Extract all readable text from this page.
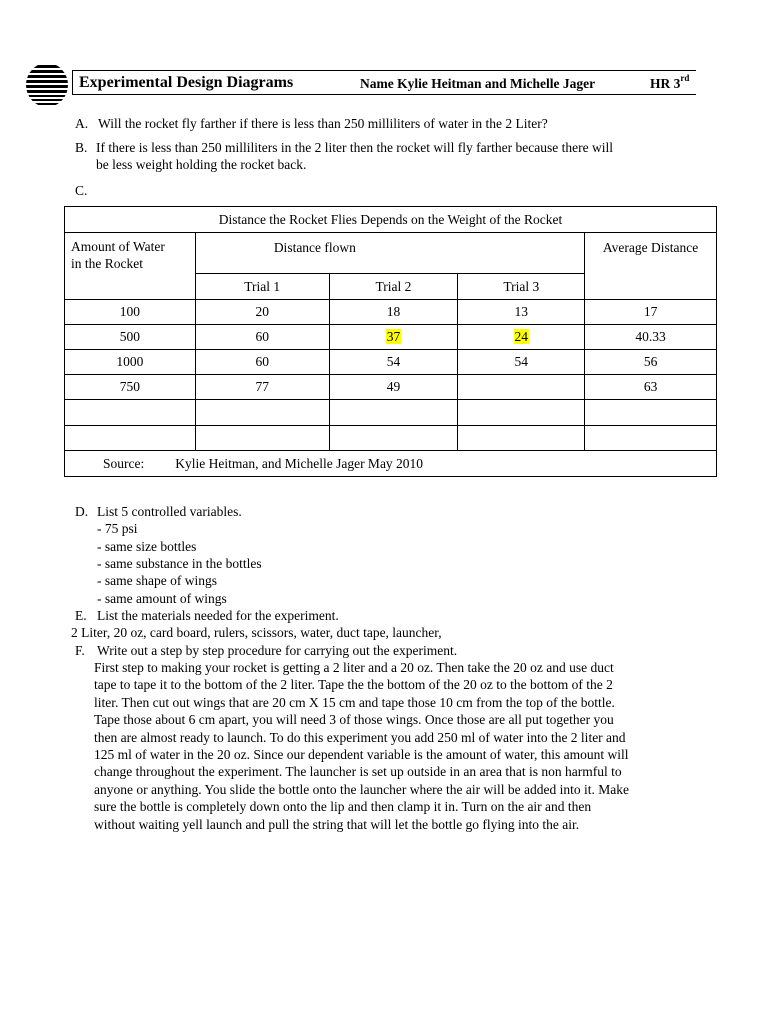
Experimental Design Diagrams	Name Kylie Heitman and Michelle Jager	HR 3rd
A. Will the rocket fly farther if there is less than 250 milliliters of water in the 2 Liter?
B. If there is less than 250 milliliters in the 2 liter then the rocket will fly farther because there will
be less weight holding the rocket back.
C.
Distance the Rocket Flies Depends on the Weight of the Rocket				

Amount of Water
in the Rocket	Distance flown			Average Distance
	Trial 1	Trial 2	Trial 3	
100	20	18	13	17
500	60	37	24	40.33
1000	60	54	54	56
750	77	49		63

Source: Kylie Heitman, and Michelle Jager May 2010				
D. List 5 controlled variables.
- 75 psi
- same size bottles
- same substance in the bottles
- same shape of wings
- same amount of wings
E. List the materials needed for the experiment.
2 Liter, 20 oz, card board, rulers, scissors, water, duct tape, launcher,
F. Write out a step by step procedure for carrying out the experiment.
First step to making your rocket is getting a 2 liter and a 20 oz. Then take the 20 oz and use duct
tape to tape it to the bottom of the 2 liter. Tape the the bottom of the 20 oz to the bottom of the 2
liter. Then cut out wings that are 20 cm X 15 cm and tape those 10 cm from the top of the bottle.
Tape those about 6 cm apart, you will need 3 of those wings. Once those are all put together you
then are almost ready to launch. To do this experiment you add 250 ml of water into the 2 liter and
125 ml of water in the 20 oz. Since our dependent variable is the amount of water, this amount will
change throughout the experiment. The launcher is set up outside in an area that is non harmful to
anyone or anything. You slide the bottle onto the launcher where the air will be added into it. Make
sure the bottle is completely down onto the lip and then clamp it in. Turn on the air and then
without waiting yell launch and pull the string that will let the bottle go flying into the air.
